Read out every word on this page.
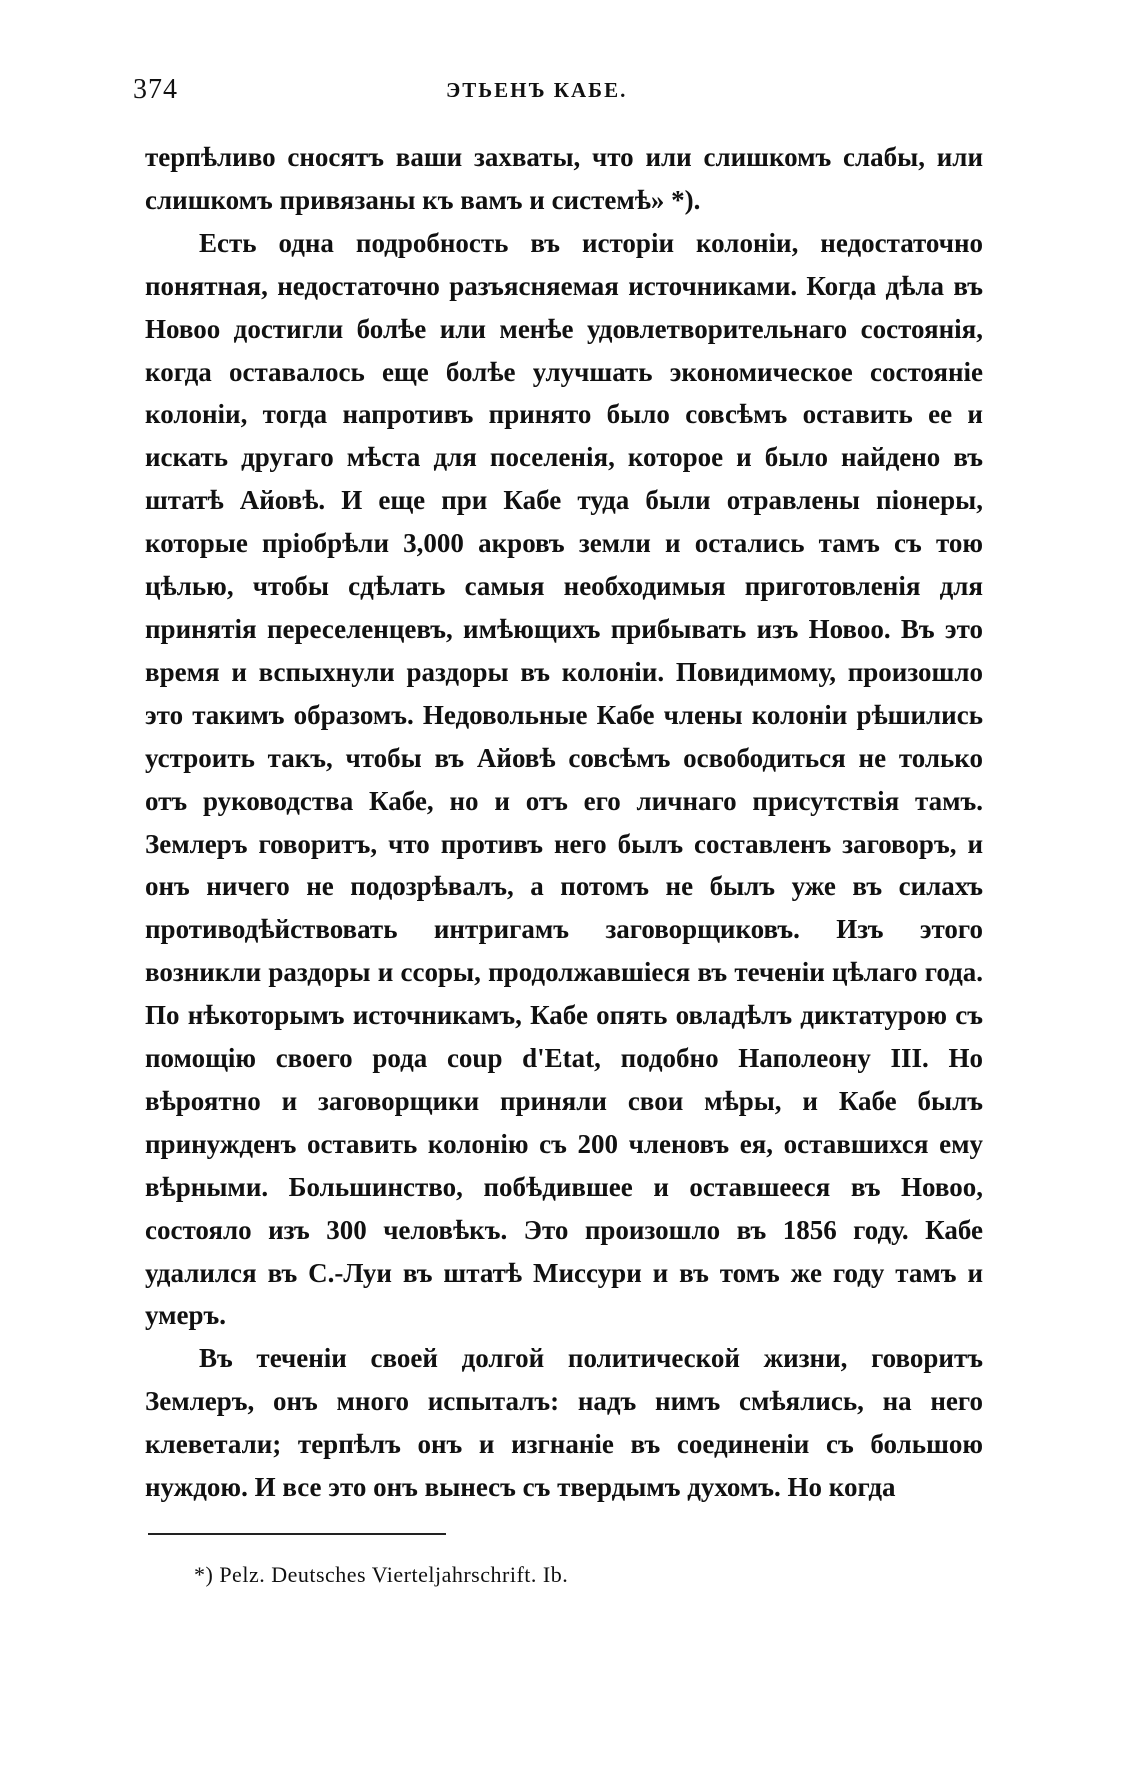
374	ЭТЬЕНЪ КАБЕ.

терпѣливо сносятъ ваши захваты, что или слишкомъ слабы, или слишкомъ привязаны къ вамъ и системѣ» *).

Есть одна подробность въ исторіи колоніи, недостаточно понятная, недостаточно разъясняемая источниками. Когда дѣла въ Новоо достигли болѣе или менѣе удовлетворительнаго состоянія, когда оставалось еще болѣе улучшать экономическое состояніе колоніи, тогда напротивъ принято было совсѣмъ оставить ее и искать другаго мѣста для поселенія, которое и было найдено въ штатѣ Айовѣ. И еще при Кабе туда были отравлены піонеры, которые пріобрѣли 3,000 акровъ земли и остались тамъ съ тою цѣлью, чтобы сдѣлать самыя необходимыя приготовленія для принятія переселенцевъ, имѣющихъ прибывать изъ Новоо. Въ это время и вспыхнули раздоры въ колоніи. Повидимому, произошло это такимъ образомъ. Недовольные Кабе члены колоніи рѣшились устроить такъ, чтобы въ Айовѣ совсѣмъ освободиться не только отъ руководства Кабе, но и отъ его личнаго присутствія тамъ. Землеръ говоритъ, что противъ него былъ составленъ заговоръ, и онъ ничего не подозрѣвалъ, а потомъ не былъ уже въ силахъ противодѣйствовать интригамъ заговорщиковъ. Изъ этого возникли раздоры и ссоры, продолжавшіеся въ теченіи цѣлаго года. По нѣкоторымъ источникамъ, Кабе опять овладѣлъ диктатурою съ помощію своего рода coup d'Etat, подобно Наполеону III. Но вѣроятно и заговорщики приняли свои мѣры, и Кабе былъ принужденъ оставить колонію съ 200 членовъ ея, оставшихся ему вѣрными. Большинство, побѣдившее и оставшееся въ Новоо, состояло изъ 300 человѣкъ. Это произошло въ 1856 году. Кабе удалился въ С.-Луи въ штатѣ Миссури и въ томъ же году тамъ и умеръ.

Въ теченіи своей долгой политической жизни, говоритъ Землеръ, онъ много испыталъ: надъ нимъ смѣялись, на него клеветали; терпѣлъ онъ и изгнаніе въ соединеніи съ большою нуждою. И все это онъ вынесъ съ твердымъ духомъ. Но когда

*) Pelz. Deutsches Vierteljahrschrift. Ib.
